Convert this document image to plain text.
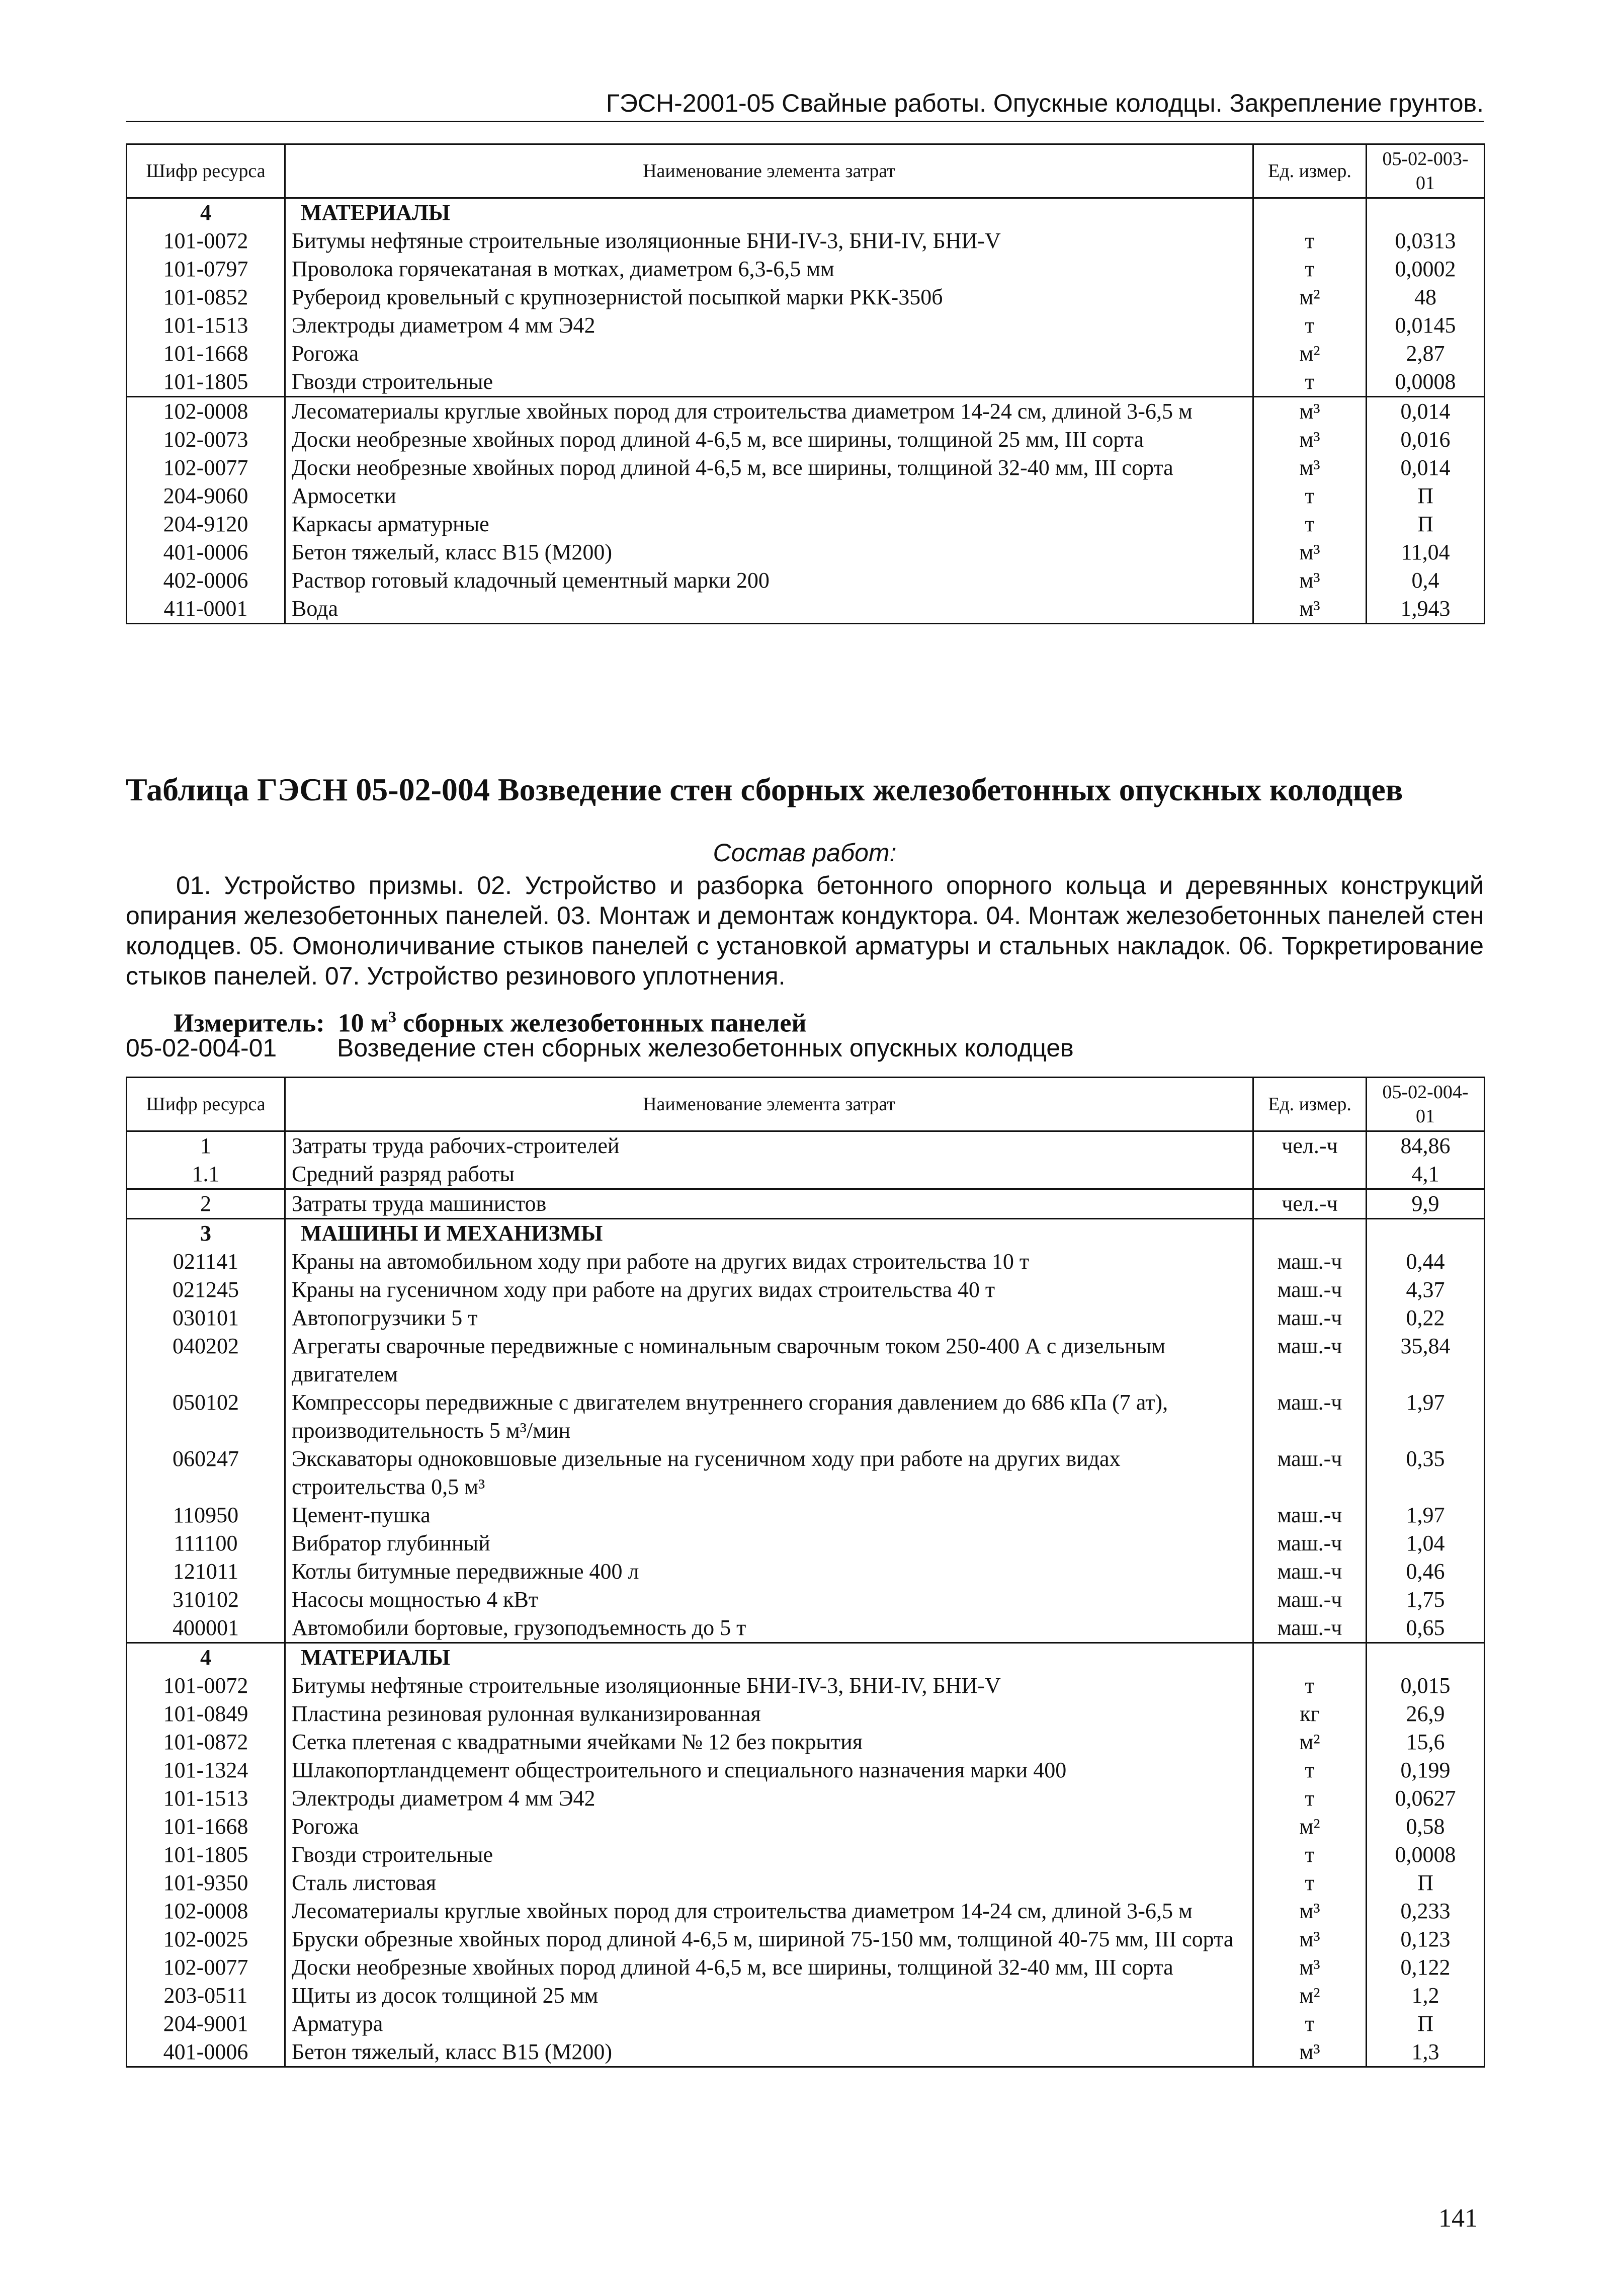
ГЭСН-2001-05 Свайные работы. Опускные колодцы. Закрепление грунтов.
Шифр ресурса	Наименование элемента затрат	Ед. измер.	05-02-003-01
4	МАТЕРИАЛЫ		
101-0072	Битумы нефтяные строительные изоляционные БНИ-IV-3, БНИ-IV, БНИ-V	т	0,0313
101-0797	Проволока горячекатаная в мотках, диаметром 6,3-6,5 мм	т	0,0002
101-0852	Рубероид кровельный с крупнозернистой посыпкой марки РКК-350б	м²	48
101-1513	Электроды диаметром 4 мм Э42	т	0,0145
101-1668	Рогожа	м²	2,87
101-1805	Гвозди строительные	т	0,0008
102-0008	Лесоматериалы круглые хвойных пород для строительства диаметром 14-24 см, длиной 3-6,5 м	м³	0,014
102-0073	Доски необрезные хвойных пород длиной 4-6,5 м, все ширины, толщиной 25 мм, III сорта	м³	0,016
102-0077	Доски необрезные хвойных пород длиной 4-6,5 м, все ширины, толщиной 32-40 мм, III сорта	м³	0,014
204-9060	Армосетки	т	П
204-9120	Каркасы арматурные	т	П
401-0006	Бетон тяжелый, класс В15 (М200)	м³	11,04
402-0006	Раствор готовый кладочный цементный марки 200	м³	0,4
411-0001	Вода	м³	1,943
Таблица ГЭСН 05-02-004 Возведение стен сборных железобетонных опускных колодцев
Состав работ:
01. Устройство призмы. 02. Устройство и разборка бетонного опорного кольца и деревянных конструкций опирания железобетонных панелей. 03. Монтаж и демонтаж кондуктора. 04. Монтаж железобетонных панелей стен колодцев. 05. Омоноличивание стыков панелей с установкой арматуры и стальных накладок. 06. Торкретирование стыков панелей. 07. Устройство резинового уплотнения.
Измеритель: 10 $м^3$ сборных железобетонных панелей
05-02-004-01 Возведение стен сборных железобетонных опускных колодцев
Шифр ресурса	Наименование элемента затрат	Ед. измер.	05-02-004-01
1	Затраты труда рабочих-строителей	чел.-ч	84,86
1.1	Средний разряд работы		4,1
2	Затраты труда машинистов	чел.-ч	9,9
3	МАШИНЫ И МЕХАНИЗМЫ		
021141	Краны на автомобильном ходу при работе на других видах строительства 10 т	маш.-ч	0,44
021245	Краны на гусеничном ходу при работе на других видах строительства 40 т	маш.-ч	4,37
030101	Автопогрузчики 5 т	маш.-ч	0,22
040202	Агрегаты сварочные передвижные с номинальным сварочным током 250-400 А с дизельным двигателем	маш.-ч	35,84
050102	Компрессоры передвижные с двигателем внутреннего сгорания давлением до 686 кПа (7 ат), производительность 5 м³/мин	маш.-ч	1,97
060247	Экскаваторы одноковшовые дизельные на гусеничном ходу при работе на других видах строительства 0,5 м³	маш.-ч	0,35
110950	Цемент-пушка	маш.-ч	1,97
111100	Вибратор глубинный	маш.-ч	1,04
121011	Котлы битумные передвижные 400 л	маш.-ч	0,46
310102	Насосы мощностью 4 кВт	маш.-ч	1,75
400001	Автомобили бортовые, грузоподъемность до 5 т	маш.-ч	0,65
4	МАТЕРИАЛЫ		
101-0072	Битумы нефтяные строительные изоляционные БНИ-IV-3, БНИ-IV, БНИ-V	т	0,015
101-0849	Пластина резиновая рулонная вулканизированная	кг	26,9
101-0872	Сетка плетеная с квадратными ячейками № 12 без покрытия	м²	15,6
101-1324	Шлакопортландцемент общестроительного и специального назначения марки 400	т	0,199
101-1513	Электроды диаметром 4 мм Э42	т	0,0627
101-1668	Рогожа	м²	0,58
101-1805	Гвозди строительные	т	0,0008
101-9350	Сталь листовая	т	П
102-0008	Лесоматериалы круглые хвойных пород для строительства диаметром 14-24 см, длиной 3-6,5 м	м³	0,233
102-0025	Бруски обрезные хвойных пород длиной 4-6,5 м, шириной 75-150 мм, толщиной 40-75 мм, III сорта	м³	0,123
102-0077	Доски необрезные хвойных пород длиной 4-6,5 м, все ширины, толщиной 32-40 мм, III сорта	м³	0,122
203-0511	Щиты из досок толщиной 25 мм	м²	1,2
204-9001	Арматура	т	П
401-0006	Бетон тяжелый, класс В15 (М200)	м³	1,3
141
